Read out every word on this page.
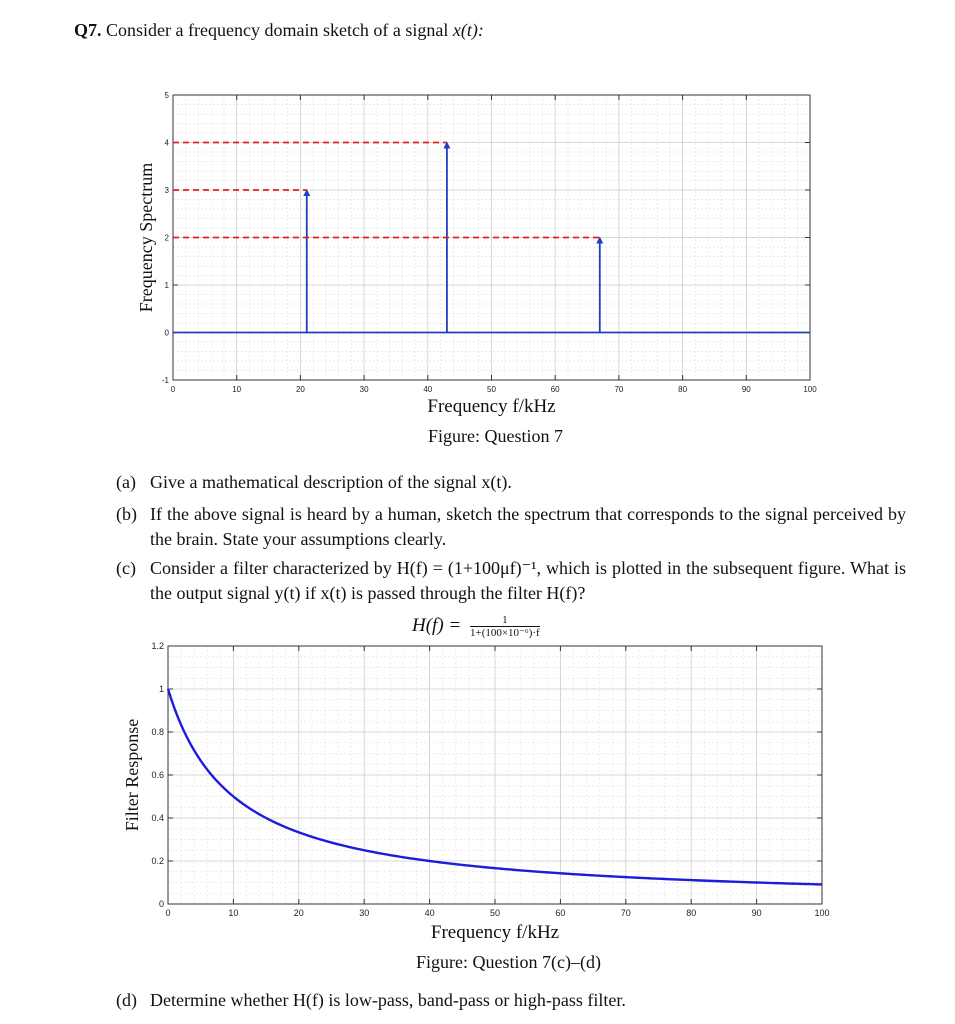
Q7. Consider a frequency domain sketch of a signal x(t):
0	10	20	30	40	50	60	70	80	90	100
-1
0
1
2
3
4
5
Frequency f/kHz
Frequency Spectrum
Figure: Question 7
(a) Give a mathematical description of the signal x(t).
(b) If the above signal is heard by a human, sketch the spectrum that corresponds to the signal perceived by the brain. State your assumptions clearly.
(c) Consider a filter characterized by H(f) = (1+100μf)⁻¹, which is plotted in the subsequent figure. What is the output signal y(t) if x(t) is passed through the filter H(f)?
$H(f) = \frac{1}{\text{1+(100×10⁻⁶)·f}}$
0	10	20	30	40	50	60	70	80	90	100
0
0.2
0.4
0.6
0.8
1
1.2
Frequency f/kHz
Filter Response
Figure: Question 7(c)–(d)
(d) Determine whether H(f) is low-pass, band-pass or high-pass filter.
